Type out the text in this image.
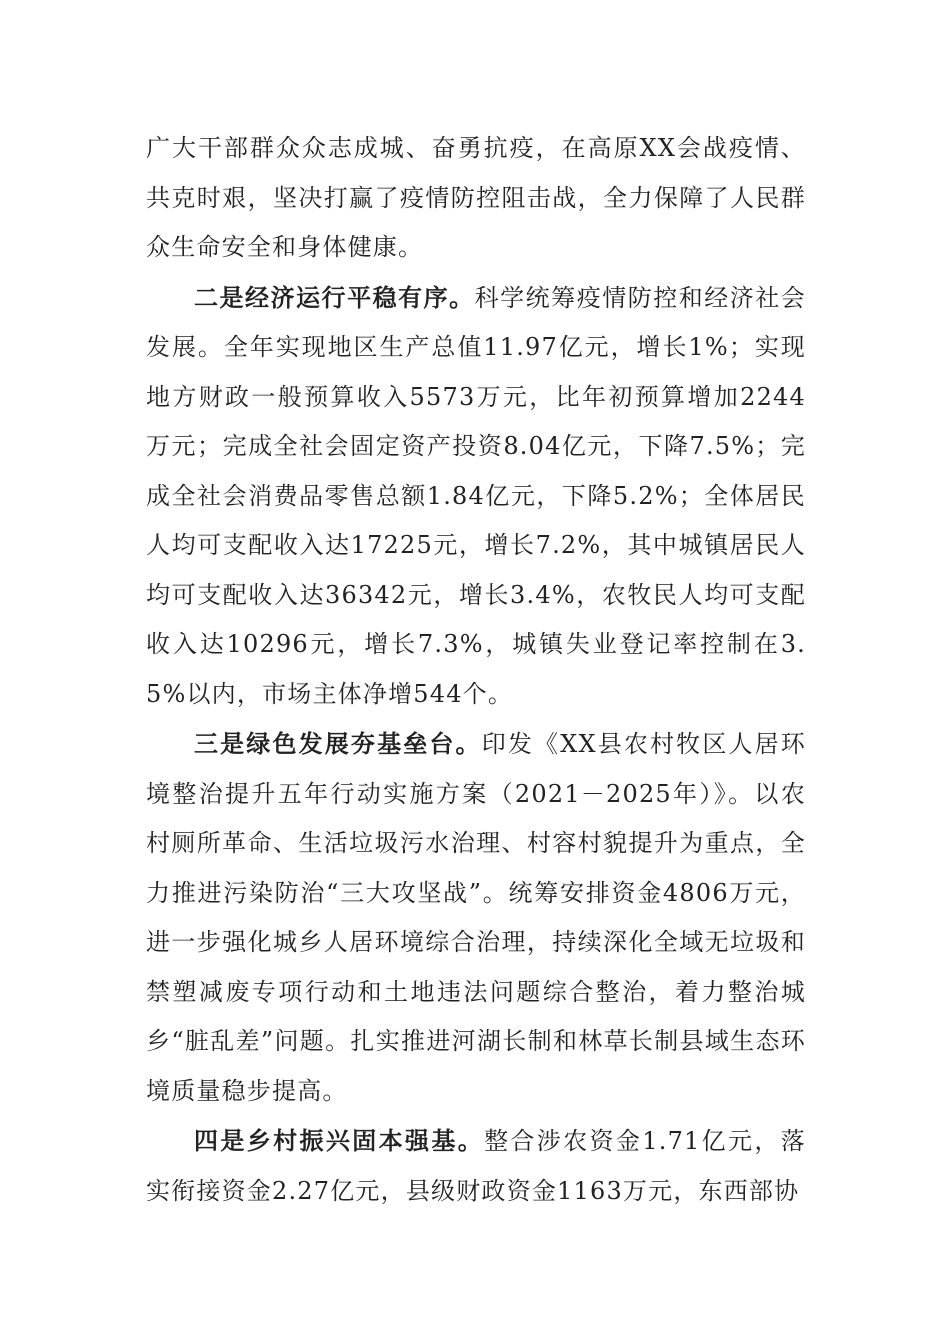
广大干部群众众志成城、奋勇抗疫，在高原XX会战疫情、共克时艰，坚决打赢了疫情防控阻击战，全力保障了人民群众生命安全和身体健康。

二是经济运行平稳有序。科学统筹疫情防控和经济社会发展。全年实现地区生产总值11.97亿元，增长1%；实现地方财政一般预算收入5573万元，比年初预算增加2244万元；完成全社会固定资产投资8.04亿元，下降7.5%；完成全社会消费品零售总额1.84亿元，下降5.2%；全体居民人均可支配收入达17225元，增长7.2%，其中城镇居民人均可支配收入达36342元，增长3.4%，农牧民人均可支配收入达10296元，增长7.3%，城镇失业登记率控制在3.5%以内，市场主体净增544个。

三是绿色发展夯基垒台。印发《XX县农村牧区人居环境整治提升五年行动实施方案（2021－2025年）》。以农村厕所革命、生活垃圾污水治理、村容村貌提升为重点，全力推进污染防治“三大攻坚战”。统筹安排资金4806万元，进一步强化城乡人居环境综合治理，持续深化全域无垃圾和禁塑减废专项行动和土地违法问题综合整治，着力整治城乡“脏乱差”问题。扎实推进河湖长制和林草长制县域生态环境质量稳步提高。

四是乡村振兴固本强基。整合涉农资金1.71亿元，落实衔接资金2.27亿元，县级财政资金1163万元，东西部协
